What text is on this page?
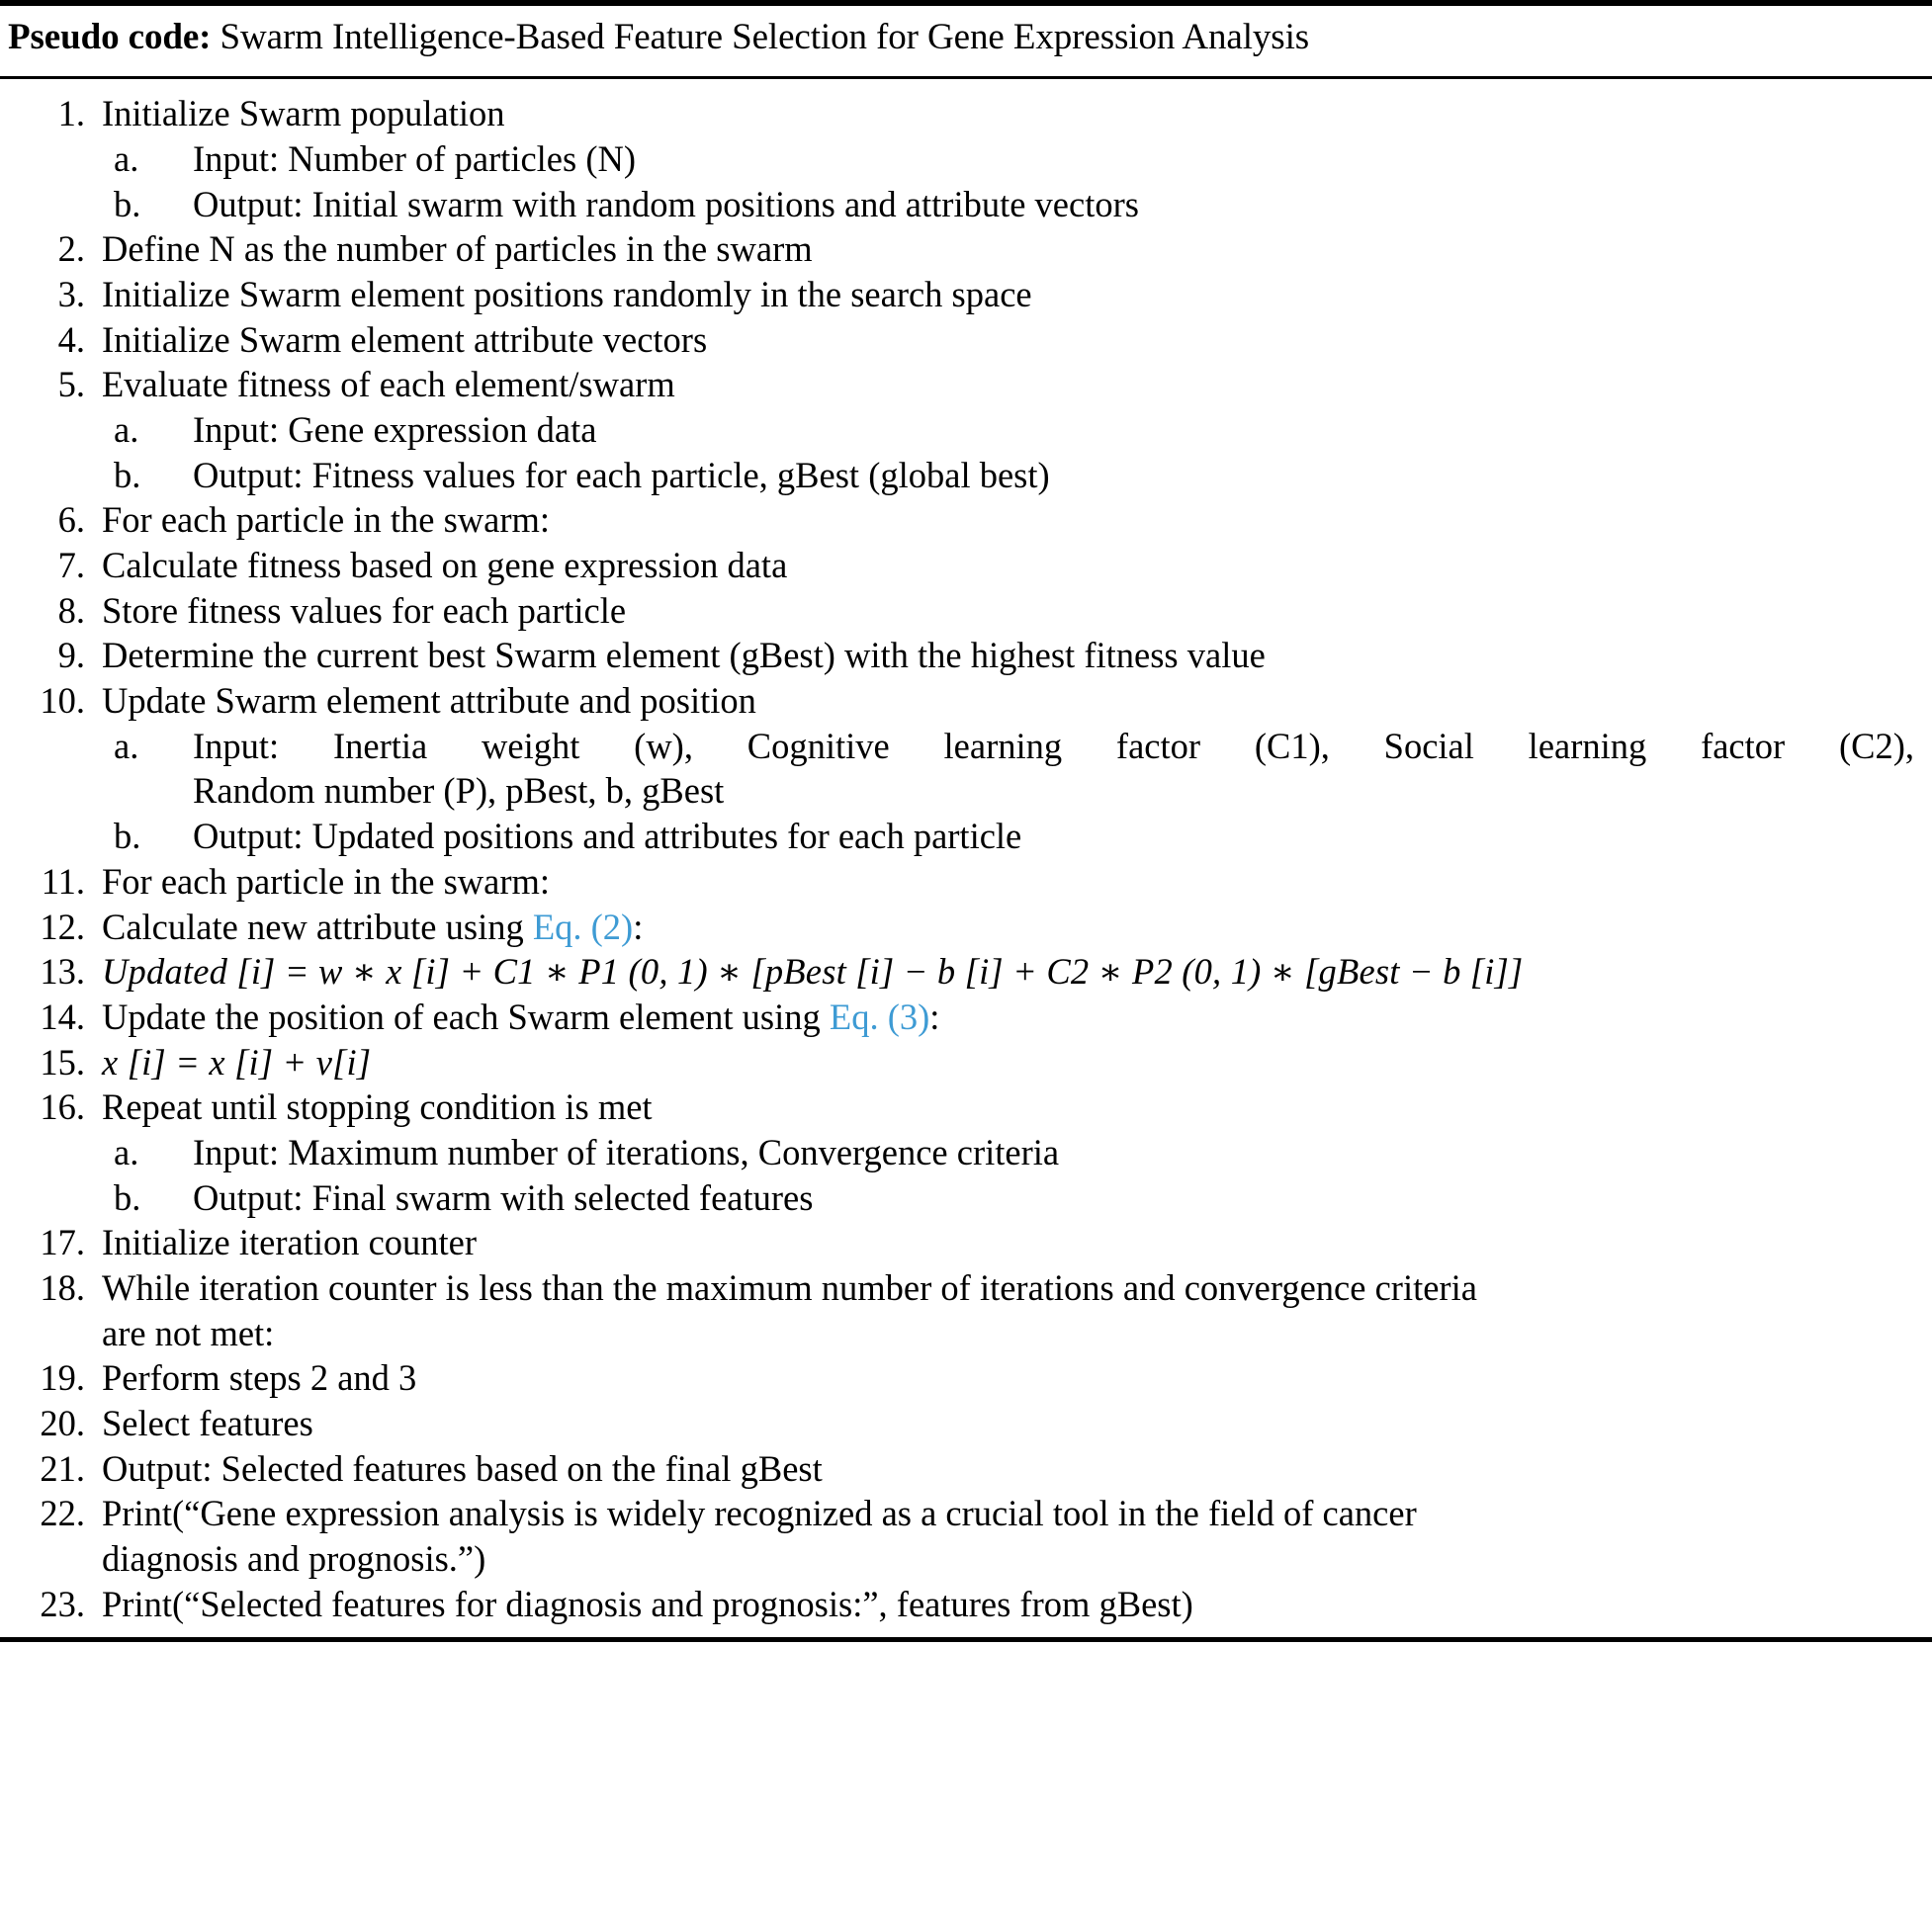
Pseudo code: Swarm Intelligence-Based Feature Selection for Gene Expression Analysis
1. Initialize Swarm population
a.	Input: Number of particles (N)
b.	Output: Initial swarm with random positions and attribute vectors
2. Define N as the number of particles in the swarm
3. Initialize Swarm element positions randomly in the search space
4. Initialize Swarm element attribute vectors
5. Evaluate fitness of each element/swarm
a.	Input: Gene expression data
b.	Output: Fitness values for each particle, gBest (global best)
6. For each particle in the swarm:
7. Calculate fitness based on gene expression data
8. Store fitness values for each particle
9. Determine the current best Swarm element (gBest) with the highest fitness value
10. Update Swarm element attribute and position
a.	Input: Inertia weight (w), Cognitive learning factor (C1), Social learning factor (C2),
Random number (P), pBest, b, gBest
b.	Output: Updated positions and attributes for each particle
11. For each particle in the swarm:
12. Calculate new attribute using Eq. (2):
13. Updated [i] = w ∗ x [i] + C1 ∗ P1 (0, 1) ∗ [pBest [i] − b [i] + C2 ∗ P2 (0, 1) ∗ [gBest − b [i]]
14. Update the position of each Swarm element using Eq. (3):
15. x [i] = x [i] + v[i]
16. Repeat until stopping condition is met
a.	Input: Maximum number of iterations, Convergence criteria
b.	Output: Final swarm with selected features
17. Initialize iteration counter
18. While iteration counter is less than the maximum number of iterations and convergence criteria
are not met:
19. Perform steps 2 and 3
20. Select features
21. Output: Selected features based on the final gBest
22. Print(“Gene expression analysis is widely recognized as a crucial tool in the field of cancer
diagnosis and prognosis.”)
23. Print(“Selected features for diagnosis and prognosis:”, features from gBest)
